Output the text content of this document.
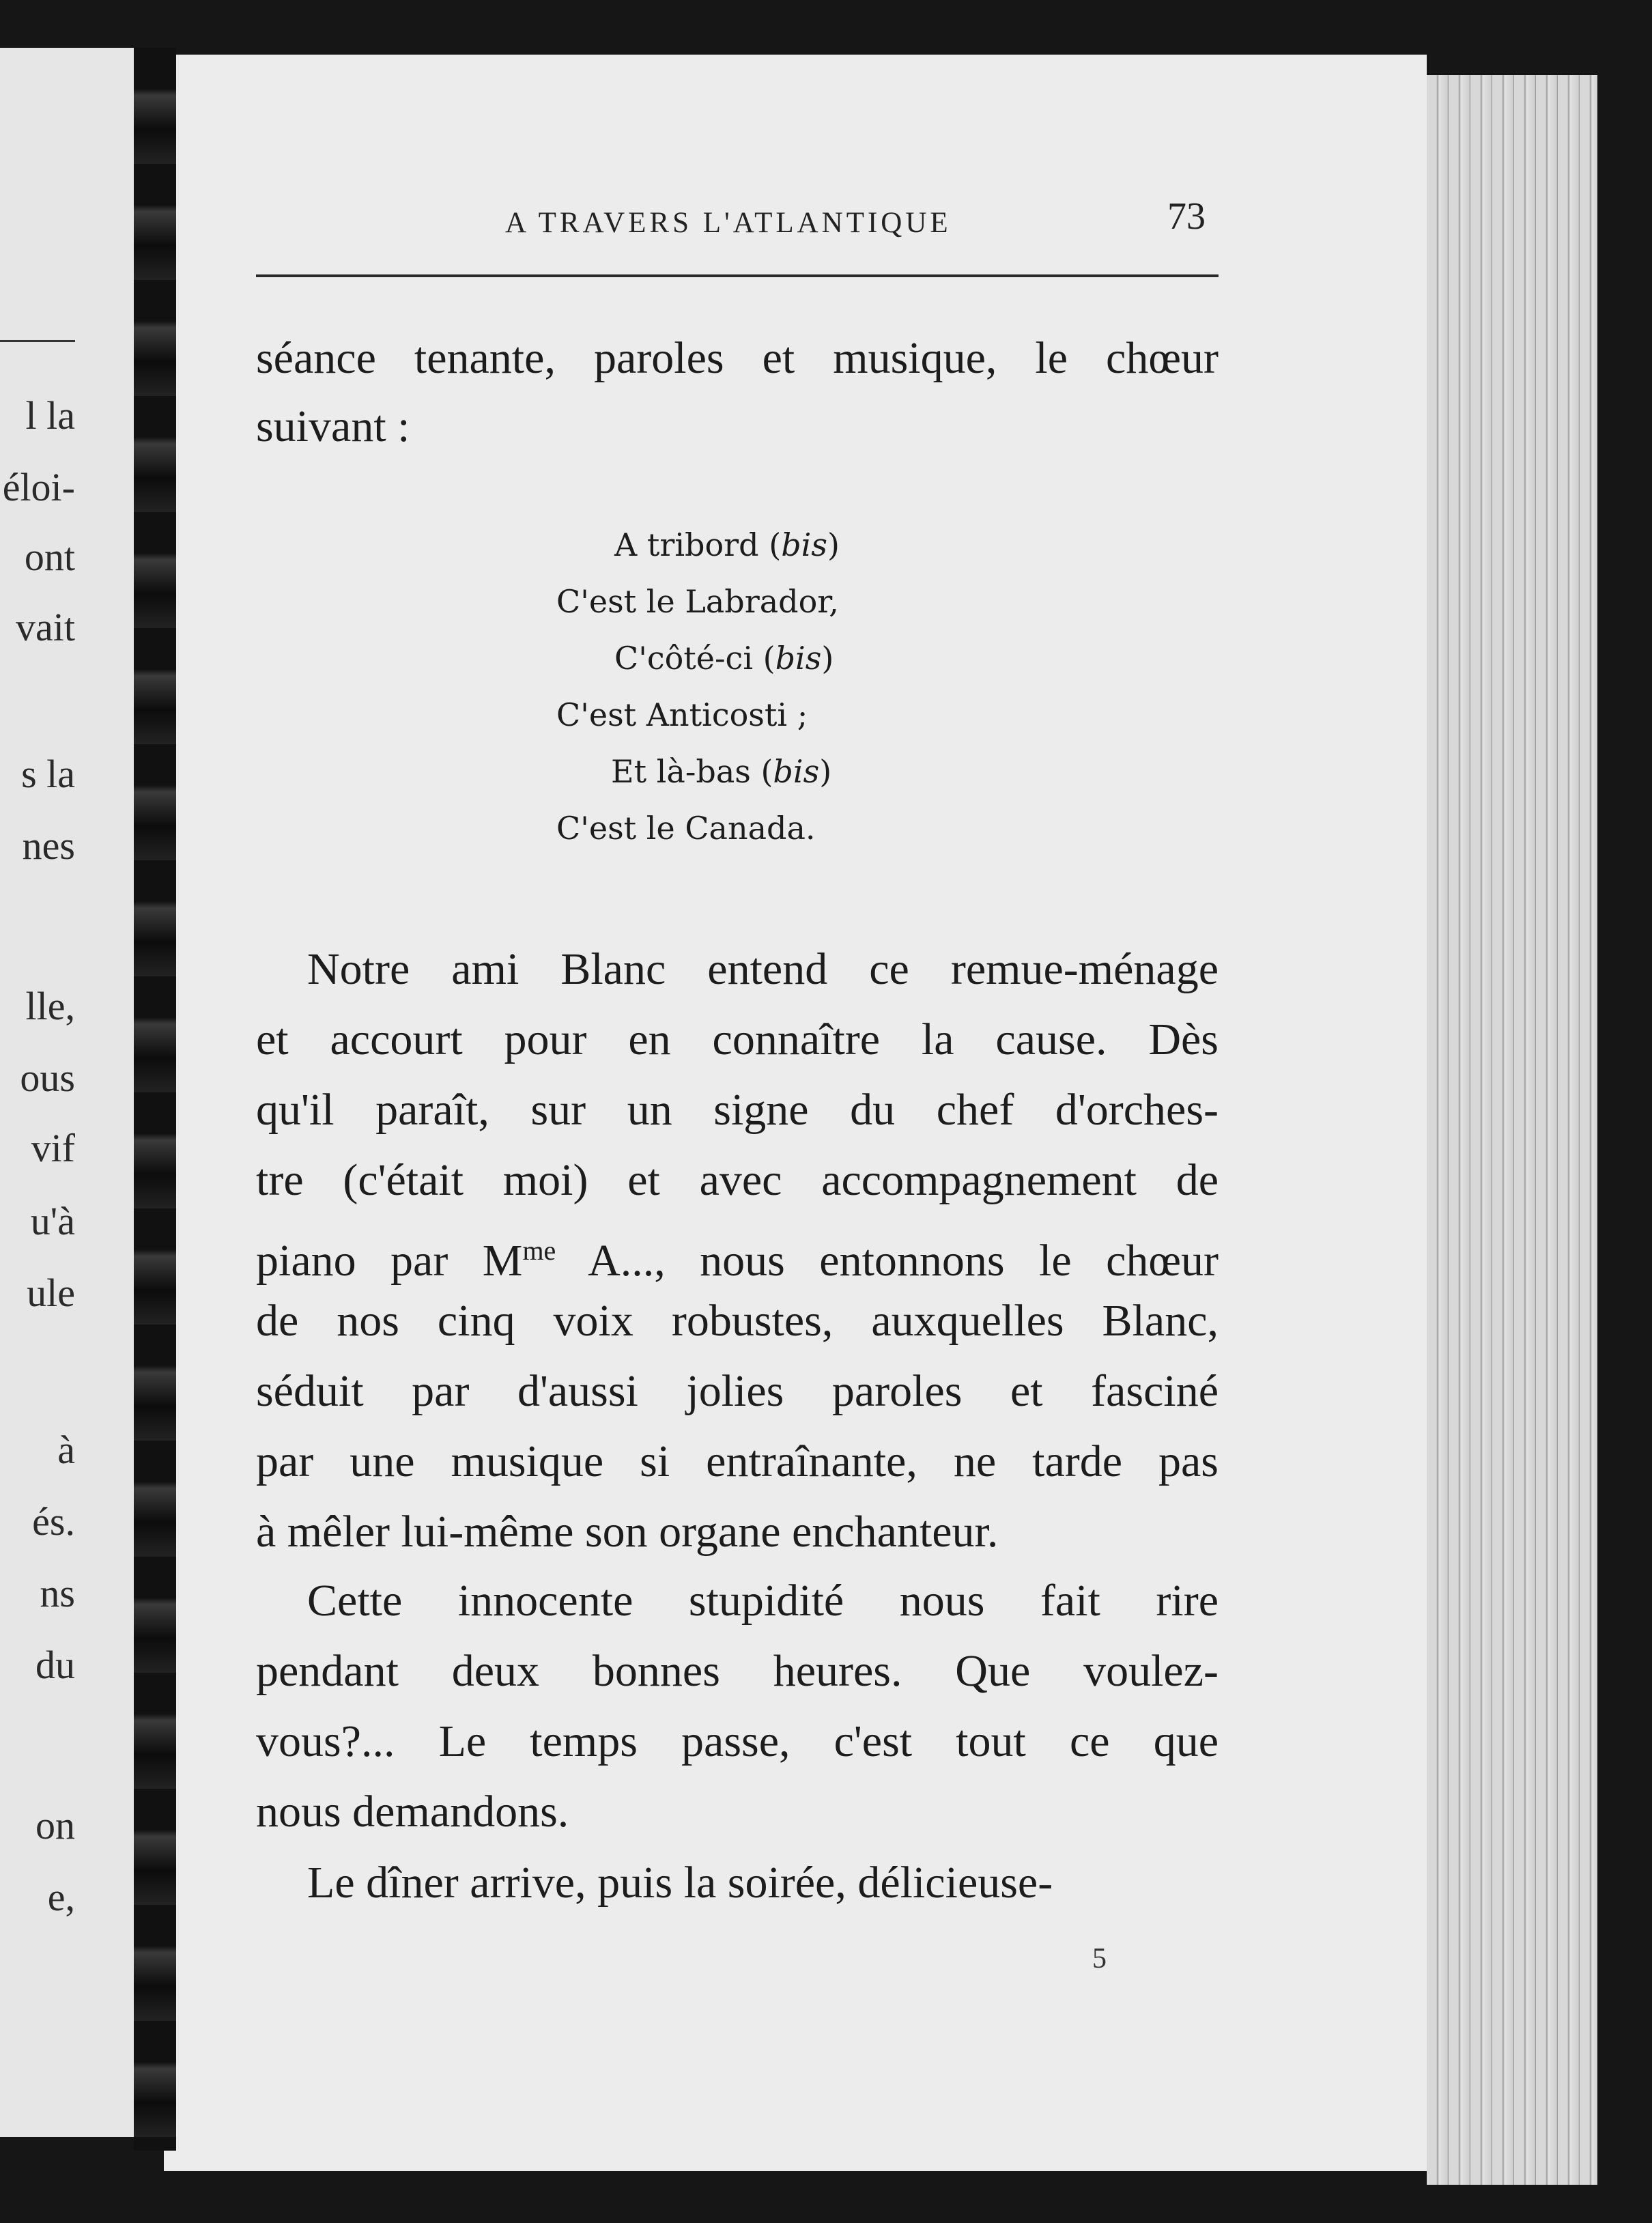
l la
éloi-
ont
vait
s la
nes
lle,
ous
vif
u'à
ule
à
és.
ns
du
on
e,
A TRAVERS L'ATLANTIQUE	73
séance tenante, paroles et musique, le chœur
suivant :
A tribord (bis)
C'est le Labrador,
C'côté-ci (bis)
C'est Anticosti ;
Et là-bas (bis)
C'est le Canada.
Notre ami Blanc entend ce remue-ménage
et accourt pour en connaître la cause. Dès
qu'il paraît, sur un signe du chef d'orches-
tre (c'était moi) et avec accompagnement de
piano par $M^{me}$ A..., nous entonnons le chœur
de nos cinq voix robustes, auxquelles Blanc,
séduit par d'aussi jolies paroles et fasciné
par une musique si entraînante, ne tarde pas
à mêler lui-même son organe enchanteur.
Cette innocente stupidité nous fait rire
pendant deux bonnes heures. Que voulez-
vous?... Le temps passe, c'est tout ce que
nous demandons.
Le dîner arrive, puis la soirée, délicieuse-
5
